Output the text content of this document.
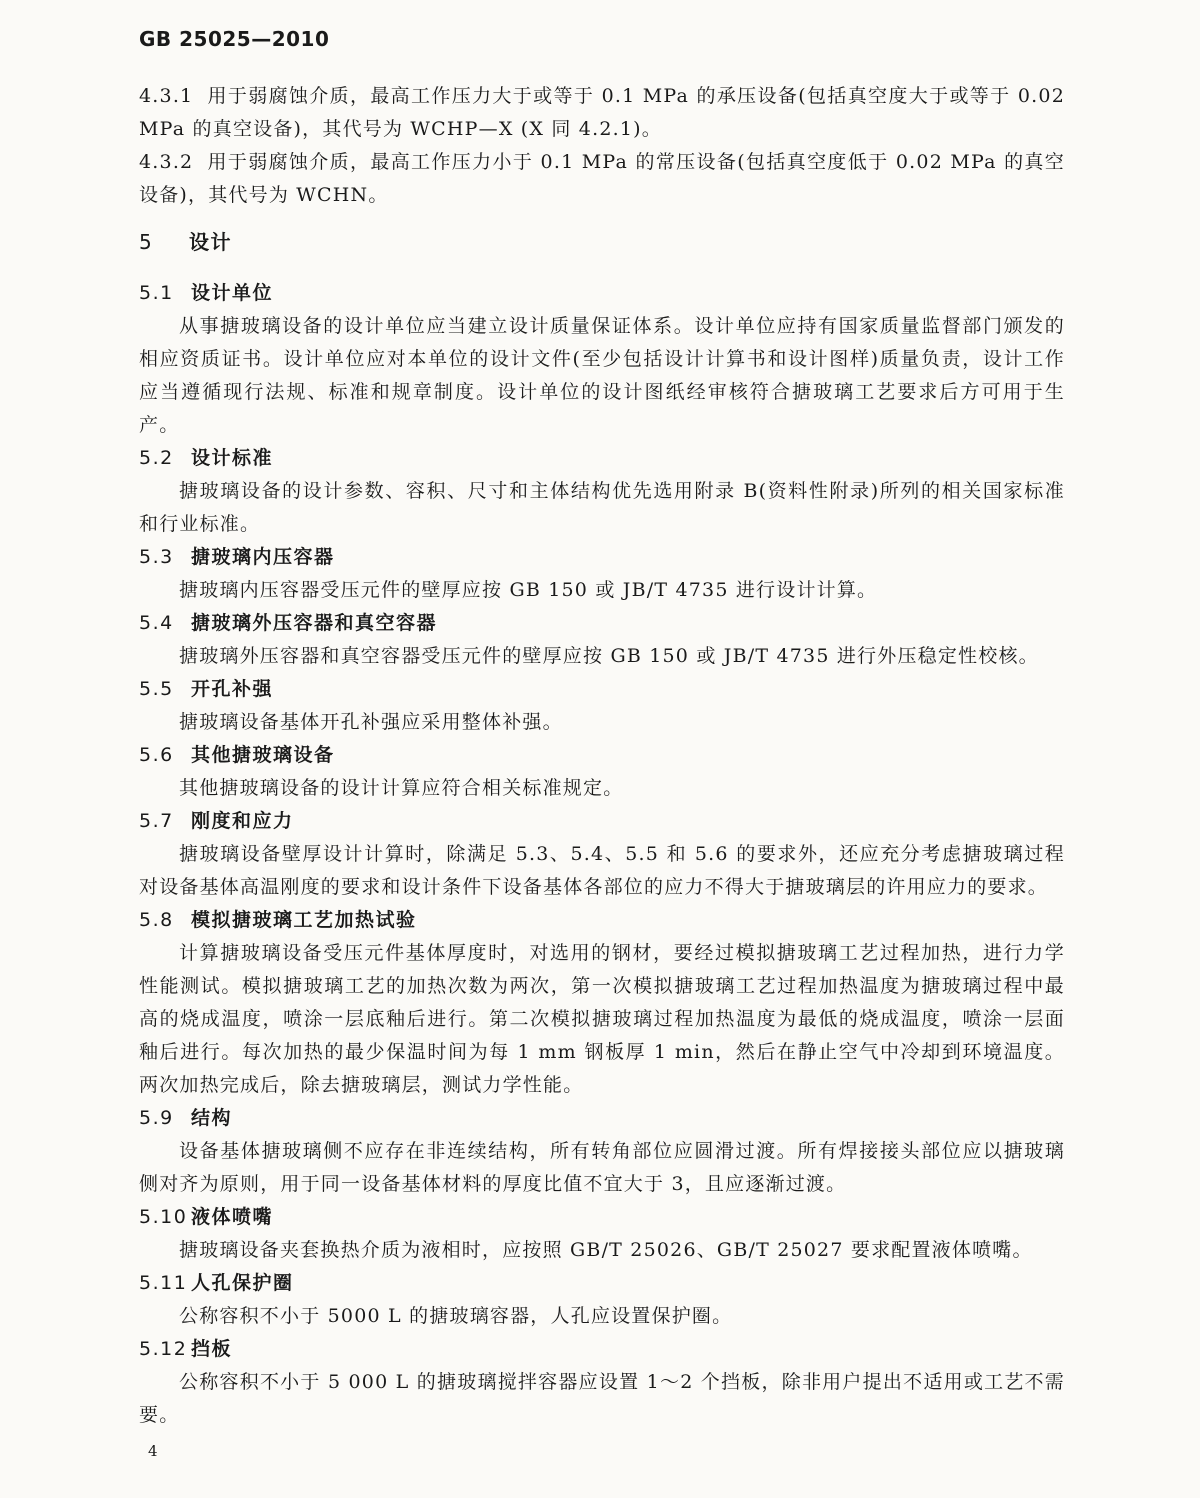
GB 25025—2010

4.3.1 用于弱腐蚀介质，最高工作压力大于或等于 0.1 MPa 的承压设备(包括真空度大于或等于 0.02 MPa 的真空设备)，其代号为 WCHP—X (X 同 4.2.1)。

4.3.2 用于弱腐蚀介质，最高工作压力小于 0.1 MPa 的常压设备(包括真空度低于 0.02 MPa 的真空设备)，其代号为 WCHN。

5 设计

5.1 设计单位

从事搪玻璃设备的设计单位应当建立设计质量保证体系。设计单位应持有国家质量监督部门颁发的相应资质证书。设计单位应对本单位的设计文件(至少包括设计计算书和设计图样)质量负责，设计工作应当遵循现行法规、标准和规章制度。设计单位的设计图纸经审核符合搪玻璃工艺要求后方可用于生产。

5.2 设计标准

搪玻璃设备的设计参数、容积、尺寸和主体结构优先选用附录 B(资料性附录)所列的相关国家标准和行业标准。

5.3 搪玻璃内压容器

搪玻璃内压容器受压元件的壁厚应按 GB 150 或 JB/T 4735 进行设计计算。

5.4 搪玻璃外压容器和真空容器

搪玻璃外压容器和真空容器受压元件的壁厚应按 GB 150 或 JB/T 4735 进行外压稳定性校核。

5.5 开孔补强

搪玻璃设备基体开孔补强应采用整体补强。

5.6 其他搪玻璃设备

其他搪玻璃设备的设计计算应符合相关标准规定。

5.7 刚度和应力

搪玻璃设备壁厚设计计算时，除满足 5.3、5.4、5.5 和 5.6 的要求外，还应充分考虑搪玻璃过程对设备基体高温刚度的要求和设计条件下设备基体各部位的应力不得大于搪玻璃层的许用应力的要求。

5.8 模拟搪玻璃工艺加热试验

计算搪玻璃设备受压元件基体厚度时，对选用的钢材，要经过模拟搪玻璃工艺过程加热，进行力学性能测试。模拟搪玻璃工艺的加热次数为两次，第一次模拟搪玻璃工艺过程加热温度为搪玻璃过程中最高的烧成温度，喷涂一层底釉后进行。第二次模拟搪玻璃过程加热温度为最低的烧成温度，喷涂一层面釉后进行。每次加热的最少保温时间为每 1 mm 钢板厚 1 min，然后在静止空气中冷却到环境温度。两次加热完成后，除去搪玻璃层，测试力学性能。

5.9 结构

设备基体搪玻璃侧不应存在非连续结构，所有转角部位应圆滑过渡。所有焊接接头部位应以搪玻璃侧对齐为原则，用于同一设备基体材料的厚度比值不宜大于 3，且应逐渐过渡。

5.10 液体喷嘴

搪玻璃设备夹套换热介质为液相时，应按照 GB/T 25026、GB/T 25027 要求配置液体喷嘴。

5.11 人孔保护圈

公称容积不小于 5000 L 的搪玻璃容器，人孔应设置保护圈。

5.12 挡板

公称容积不小于 5 000 L 的搪玻璃搅拌容器应设置 1～2 个挡板，除非用户提出不适用或工艺不需要。

4
